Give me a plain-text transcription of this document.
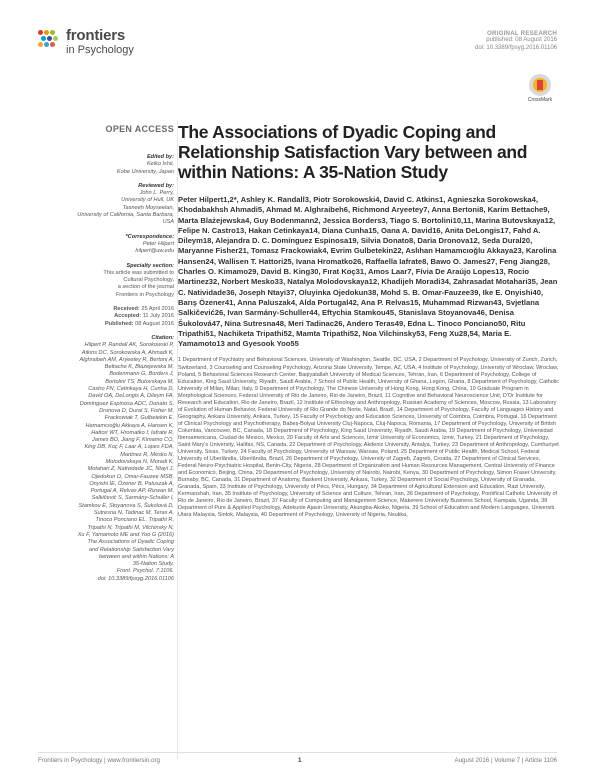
frontiers
in Psychology
ORIGINAL RESEARCH
published: 08 August 2016
doi: 10.3389/fpsyg.2016.01106
CrossMark
OPEN ACCESS
Edited by:
Keiko Ishii,
Kobe University, Japan
Reviewed by:
John L. Perry,
University of Hull, UK
Tasneeh Moyseelan,
University of California, Santa Barbara,
USA
*Correspondence:
Peter Hilpert
hilpert@uw.edu
Specialty section:
This article was submitted to
Cultural Psychology,
a section of the journal
Frontiers in Psychology
Received: 25 April 2016
Accepted: 11 July 2016
Published: 08 August 2016
Citation:
Hilpert P, Randall AK, Sorokowski P,
Atkins DC, Sorokowska A, Ahmadi K,
Alghraibeh AM, Aryeetey R, Bertoni A,
Bettache K, Blażejewska M,
Bodenmann G, Borders J,
Bortolini TS, Butovskaya M,
Castro FN, Cetinkaya H, Cunha D,
David OA, DeLongis A, Dileym FA,
Domínguez Espinosa ADC, Donato S,
Dronova D, Dural S, Fisher M,
Frackowiak T, Gulbetekin E,
Hamamcıoğlu Akkaya A, Hansen K,
Hattori WT, Hromatko I, Iafrate R,
James BO, Jiang F, Kimamo CO,
King DB, Koç F, Laar A, Lopes FDA,
Martinez R, Mesko N,
Molodovskaya N, Moradi K,
Motahari Z, Natividade JC, Ntayi J,
Ojedokun O, Omar-Fauzee MSB,
Onyishi IE, Özener B, Paluszak A,
Portugal A, Relvas AP, Rizwan M,
Salkičević S, Sarmány-Schuller I,
Stamkou E, Stoyanova S, Šukolová D,
Sutresna N, Tadinac M, Teras A,
Tinoco Ponciano EL, Tripathi R,
Tripathi N, Tripathi M, Vilchinsky N,
Xu F, Yamamoto ME and Yoo G (2016)
The Associations of Dyadic Coping
and Relationship Satisfaction Vary
between and within Nations: A
35-Nation Study.
Front. Psychol. 7:1106.
doi: 10.3389/fpsyg.2016.01106
The Associations of Dyadic Coping and Relationship Satisfaction Vary between and within Nations: A 35-Nation Study
Peter Hilpert1,2*, Ashley K. Randall3, Piotr Sorokowski4, David C. Atkins1, Agnieszka Sorokowska4, Khodabakhsh Ahmadi5, Ahmad M. Alghraibeh6, Richmond Aryeetey7, Anna Bertoni8, Karim Bettache9, Marta Blażejewska4, Guy Bodenmann2, Jessica Borders3, Tiago S. Bortolini10,11, Marina Butovskaya12, Felipe N. Castro13, Hakan Cetinkaya14, Diana Cunha15, Oana A. David16, Anita DeLongis17, Fahd A. Dileym18, Alejandra D. C. Domínguez Espinosa19, Silvia Donato8, Daria Dronova12, Seda Dural20, Maryanne Fisher21, Tomasz Frackowiak4, Evrim Gulbetekin22, Aslıhan Hamamcıoğlu Akkaya23, Karolina Hansen24, Wallisen T. Hattori25, Ivana Hromatko26, Raffaella Iafrate8, Bawo O. James27, Feng Jiang28, Charles O. Kimamo29, David B. King30, Fırat Koç31, Amos Laar7, Fívia De Araújo Lopes13, Rocio Martinez32, Norbert Mesko33, Natalya Molodovskaya12, Khadijeh Moradi34, Zahrasadat Motahari35, Jean C. Natividade36, Joseph Ntayi37, Oluyinka Ojedokun38, Mohd S. B. Omar-Fauzee39, Ike E. Onyishi40, Barış Özener41, Anna Paluszak4, Alda Portugal42, Ana P. Relvas15, Muhammad Rizwan43, Svjetlana Salkičević26, Ivan Sarmány-Schuller44, Eftychia Stamkou45, Stanislava Stoyanova46, Denisa Šukolová47, Nina Sutresna48, Meri Tadinac26, Andero Teras49, Edna L. Tinoco Ponciano50, Ritu Tripathi51, Nachiketa Tripathi52, Mamta Tripathi52, Noa Vilchinsky53, Feng Xu28,54, Maria E. Yamamoto13 and Gyesook Yoo55
1 Department of Psychiatry and Behavioral Sciences, University of Washington, Seattle, DC, USA, 2 Department of Psychology, University of Zurich, Zurich, Switzerland, 3 Counseling and Counseling Psychology, Arizona State University, Tempe, AZ, USA, 4 Institute of Psychology, University of Wroclaw, Wroclaw, Poland, 5 Behavioral Sciences Research Center, Baqiyatallah University of Medical Sciences, Tehran, Iran, 6 Department of Psychology, College of Education, King Saud University, Riyadh, Saudi Arabia, 7 School of Public Health, University of Ghana, Legon, Ghana, 8 Department of Psychology, Catholic University of Milan, Milan, Italy, 9 Department of Psychology, The Chinese University of Hong Kong, Hong Kong, China, 10 Graduate Program in Morphological Sciences, Federal University of Rio de Janeiro, Rio de Janeiro, Brazil, 11 Cognitive and Behavioral Neuroscience Unit, D'Or Institute for Research and Education, Rio de Janeiro, Brazil, 12 Institute of Ethnology and Anthropology, Russian Academy of Sciences, Moscow, Russia, 13 Laboratory of Evolution of Human Behavior, Federal University of Rio Grande do Norte, Natal, Brazil, 14 Department of Psychology, Faculty of Languages History and Geography, Ankara University, Ankara, Turkey, 15 Faculty of Psychology and Education Sciences, University of Coimbra, Coimbra, Portugal, 16 Department of Clinical Psychology and Psychotherapy, Babeș-Bolyai University Cluj-Napoca, Cluj-Napoca, Romania, 17 Department of Psychology, University of British Columbia, Vancouver, BC, Canada, 18 Department of Psychology, King Saud University, Riyadh, Saudi Arabia, 19 Department of Psychology, Universidad Iberoamericana, Ciudad de Mexico, Mexico, 20 Faculty of Arts and Sciences, Izmir University of Economics, Izmir, Turkey, 21 Department of Psychology, Saint Mary's University, Halifax, NS, Canada, 22 Department of Psychology, Akdeniz University, Antalya, Turkey, 23 Department of Anthropology, Cumhuriyet University, Sivas, Turkey, 24 Faculty of Psychology, University of Warsaw, Warsaw, Poland, 25 Department of Public Health, Medical School, Federal University of Uberlândia, Uberlândia, Brazil, 26 Department of Psychology, University of Zagreb, Zagreb, Croatia, 27 Department of Clinical Services, Federal Neuro-Psychiatric Hospital, Benin-City, Nigeria, 28 Department of Organization and Human Resources Management, Central University of Finance and Economics, Beijing, China, 29 Department of Psychology, University of Nairobi, Nairobi, Kenya, 30 Department of Psychology, Simon Fraser University, Burnaby, BC, Canada, 31 Department of Anatomy, Baskent University, Ankara, Turkey, 32 Department of Social Psychology, University of Granada, Granada, Spain, 33 Institute of Psychology, University of Pécs, Pécs, Hungary, 34 Department of Agricultural Extension and Education, Razi University, Kermanshah, Iran, 35 Institute of Psychology, University of Science and Culture, Tehran, Iran, 36 Department of Psychology, Pontifical Catholic University of Rio de Janeiro, Rio de Janeiro, Brazil, 37 Faculty of Computing and Management Science, Makerere University Business School, Kampala, Uganda, 38 Department of Pure & Applied Psychology, Adekunle Ajasin University, Akungba-Akoko, Nigeria, 39 School of Education and Modern Languages, Universiti Utara Malaysia, Sintok, Malaysia, 40 Department of Psychology, University of Nigeria, Nsukka,
Frontiers in Psychology | www.frontiersin.org	1	August 2016 | Volume 7 | Article 1106
